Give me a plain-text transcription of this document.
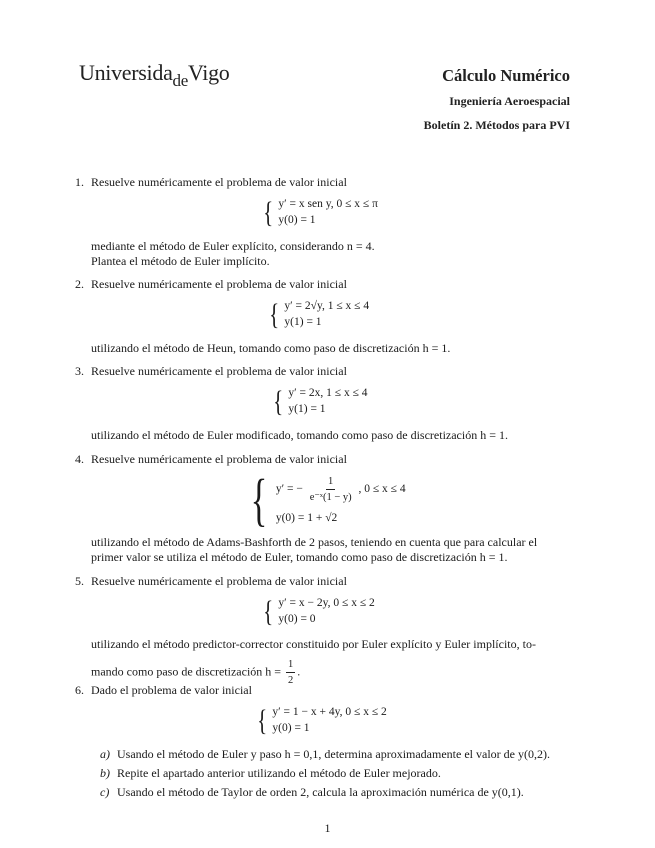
Universida$_{de}$Vigo	Cálculo Numérico
Ingeniería Aeroespacial
Boletín 2. Métodos para PVI
1. Resuelve numéricamente el problema de valor inicial
{ y′ = x sen y, 0 ≤ x ≤ π
y(0) = 1
mediante el método de Euler explícito, considerando n = 4.
Plantea el método de Euler implícito.
2. Resuelve numéricamente el problema de valor inicial
{ y′ = 2√y, 1 ≤ x ≤ 4
y(1) = 1
utilizando el método de Heun, tomando como paso de discretización h = 1.
3. Resuelve numéricamente el problema de valor inicial
{ y′ = 2x, 1 ≤ x ≤ 4
y(1) = 1
utilizando el método de Euler modificado, tomando como paso de discretización h = 1.
4. Resuelve numéricamente el problema de valor inicial
{ y′ = − $\frac{1}{\text{e⁻ˣ(1 − y)}}$ , 0 ≤ x ≤ 4
y(0) = 1 + √2
utilizando el método de Adams-Bashforth de 2 pasos, teniendo en cuenta que para calcular el
primer valor se utiliza el método de Euler, tomando como paso de discretización h = 1.
5. Resuelve numéricamente el problema de valor inicial
{ y′ = x − 2y, 0 ≤ x ≤ 2
y(0) = 0
utilizando el método predictor-corrector constituido por Euler explícito y Euler implícito, to-
mando como paso de discretización $h = \frac{1}{2}$ .
6. Dado el problema de valor inicial
{ y′ = 1 − x + 4y, 0 ≤ x ≤ 2
y(0) = 1
a) Usando el método de Euler y paso h = 0,1, determina aproximadamente el valor de y(0,2).
b) Repite el apartado anterior utilizando el método de Euler mejorado.
c) Usando el método de Taylor de orden 2, calcula la aproximación numérica de y(0,1).
1
